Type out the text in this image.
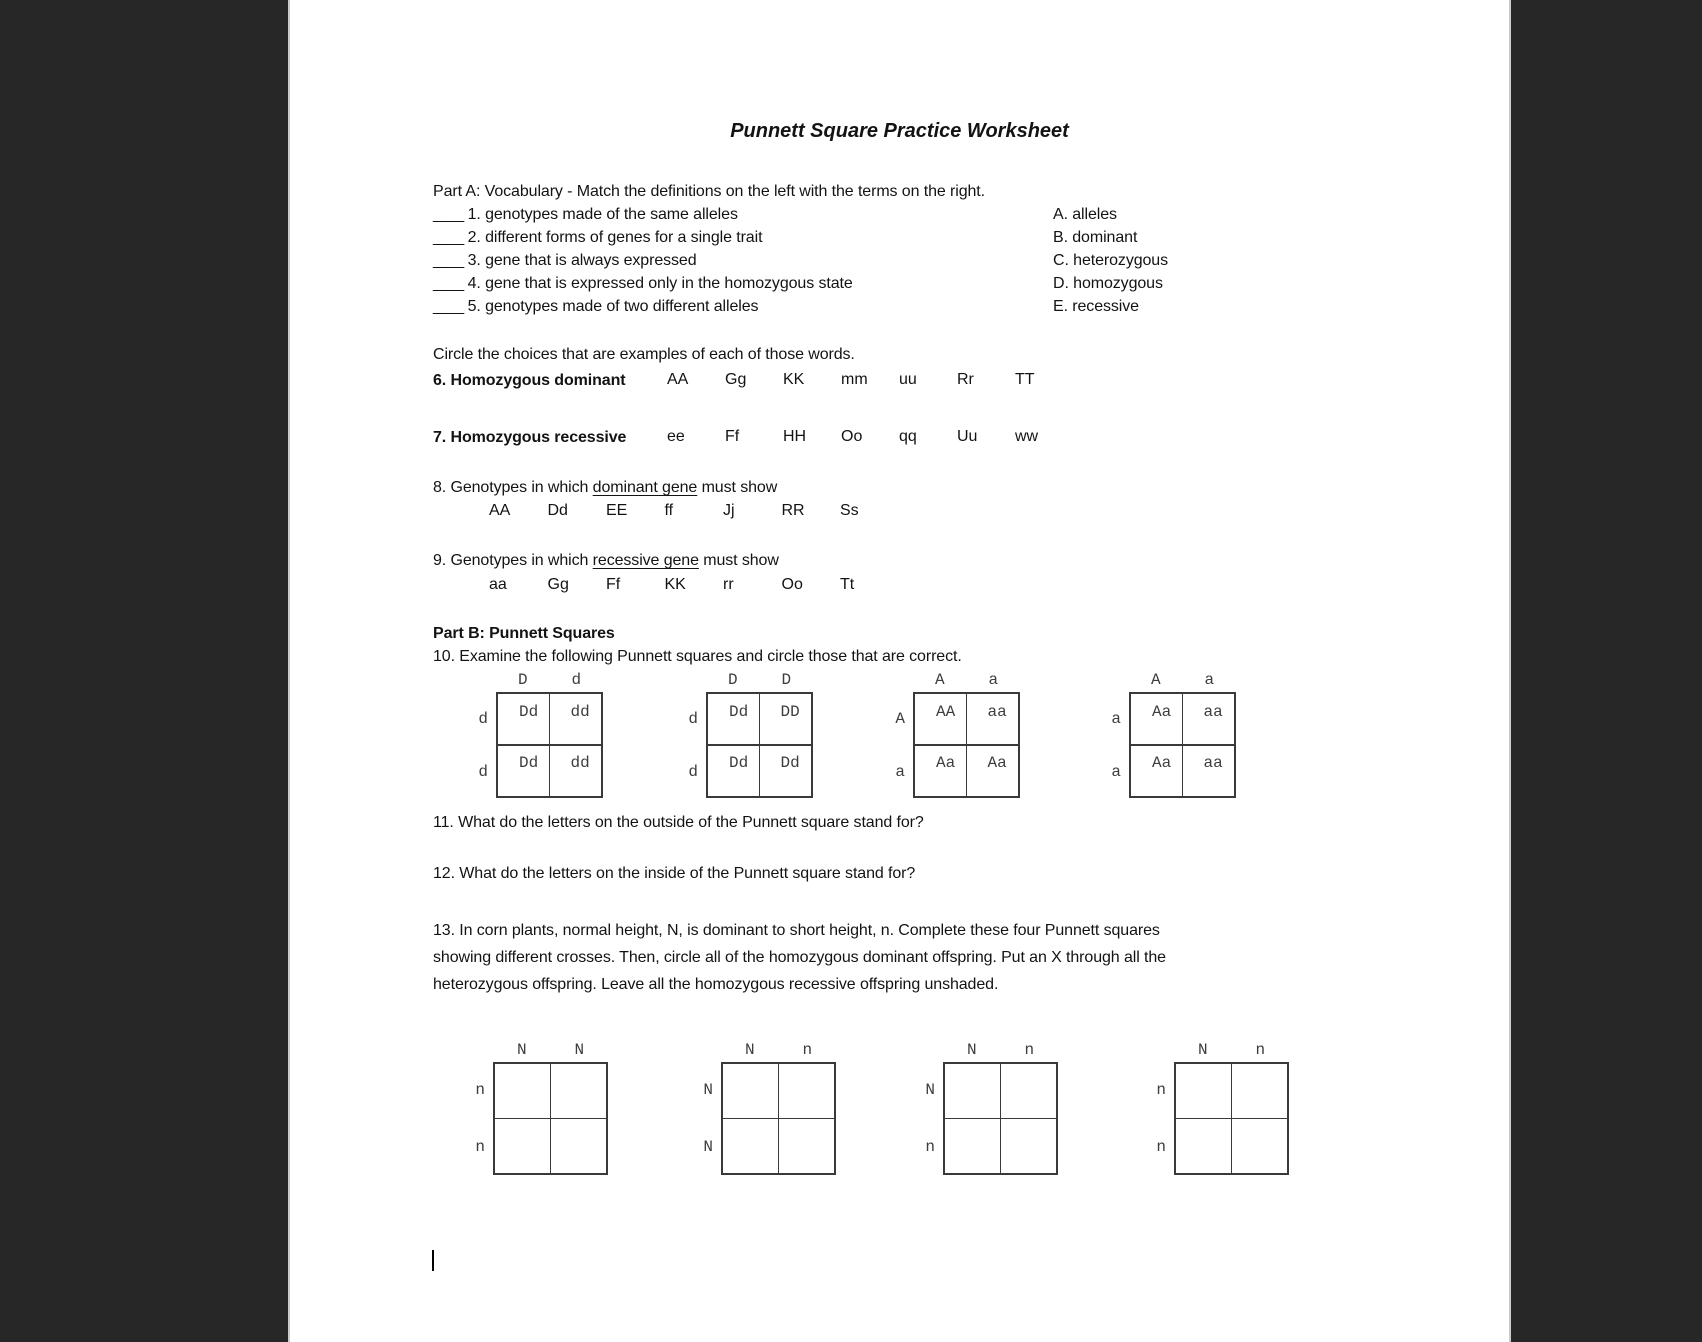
Punnett Square Practice Worksheet
Part A: Vocabulary - Match the definitions on the left with the terms on the right.
____ 1. genotypes made of the same alleles
____ 2. different forms of genes for a single trait
____ 3. gene that is always expressed
____ 4. gene that is expressed only in the homozygous state
____ 5. genotypes made of two different alleles
A. alleles
B. dominant
C. heterozygous
D. homozygous
E. recessive
Circle the choices that are examples of each of those words.
6. Homozygous dominant	AA Gg KK mm uu	Rr	TT
7. Homozygous recessive	ee	Ff	HH Oo qq	Uu ww
8. Genotypes in which dominant gene must show
AA Dd EE ff	Jj	RR Ss
9. Genotypes in which recessive gene must show
aa	Gg Ff	KK rr	Oo Tt
Part B: Punnett Squares
10. Examine the following Punnett squares and circle those that are correct.
D	d
d
d
Dd	dd
Dd	dd
D	D
d
d
Dd	DD
Dd	Dd
A	a
A
a
AA	aa
Aa	Aa
A	a
a
a
Aa	aa
Aa	aa
11. What do the letters on the outside of the Punnett square stand for?
12. What do the letters on the inside of the Punnett square stand for?
13. In corn plants, normal height, N, is dominant to short height, n. Complete these four Punnett squares
showing different crosses. Then, circle all of the homozygous dominant offspring. Put an X through all the
heterozygous offspring. Leave all the homozygous recessive offspring unshaded.
N	N
n
n
N	n
N
N
N	n
N
n
N	n
n
n
